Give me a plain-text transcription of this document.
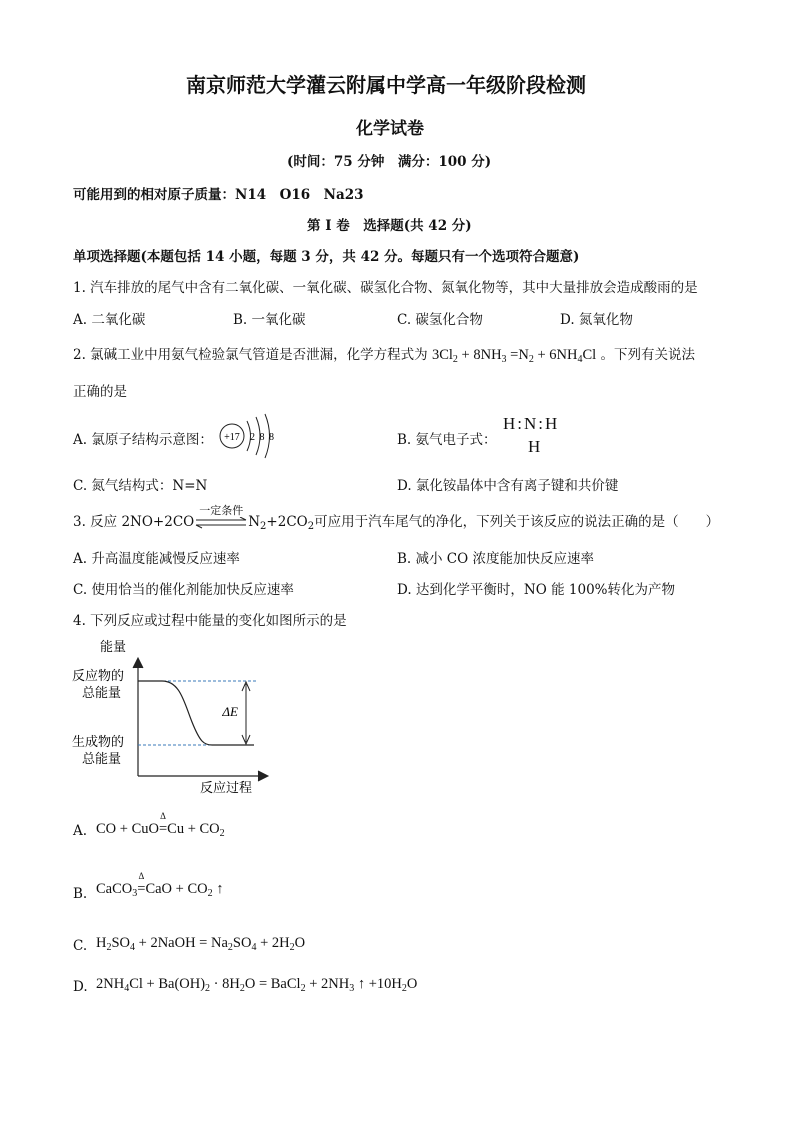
南京师范大学灌云附属中学高一年级阶段检测
化学试卷
(时间：75 分钟　满分：100 分)
可能用到的相对原子质量：N14　O16　Na23
第 I 卷　选择题(共 42 分)
单项选择题(本题包括 14 小题，每题 3 分，共 42 分。每题只有一个选项符合题意)
1. 汽车排放的尾气中含有二氧化碳、一氧化碳、碳氢化合物、氮氧化物等，其中大量排放会造成酸雨的是
A. 二氧化碳	B. 一氧化碳	C. 碳氢化合物	D. 氮氧化物
2. 氯碱工业中用氨气检验氯气管道是否泄漏，化学方程式为 $3Cl_2 + 8NH_3 =N_2 + 6NH_4Cl$ 。下列有关说法
正确的是
A. 氯原子结构示意图： +17 2 8 8	B. 氨气电子式：
H:N:H
H
C. 氮气结构式：N=N	D. 氯化铵晶体中含有离子键和共价键
3. 反应 2NO+2CO
一定条件
$N_2+2CO_2$可应用于汽车尾气的净化，下列关于该反应的说法正确的是（　　）
A. 升高温度能减慢反应速率	B. 减小 CO 浓度能加快反应速率
C. 使用恰当的催化剂能加快反应速率	D. 达到化学平衡时，NO 能 100%转化为产物
4. 下列反应或过程中能量的变化如图所示的是
能量
反应物的
总能量
生成物的
总能量
ΔE
反应过程
A. CO + CuO
Δ
$=Cu + CO_2$
B. CaCO$_3$
Δ
$=CaO + CO_2$ ↑
C. $H_2SO_4$ + 2NaOH = $Na_2SO_4 + 2H_2O$
D. $2NH_4Cl + Ba(OH)_2 \cdot 8H_2O$ = BaCl$_2$ + $2NH_3$ ↑ $+10H_2O$
